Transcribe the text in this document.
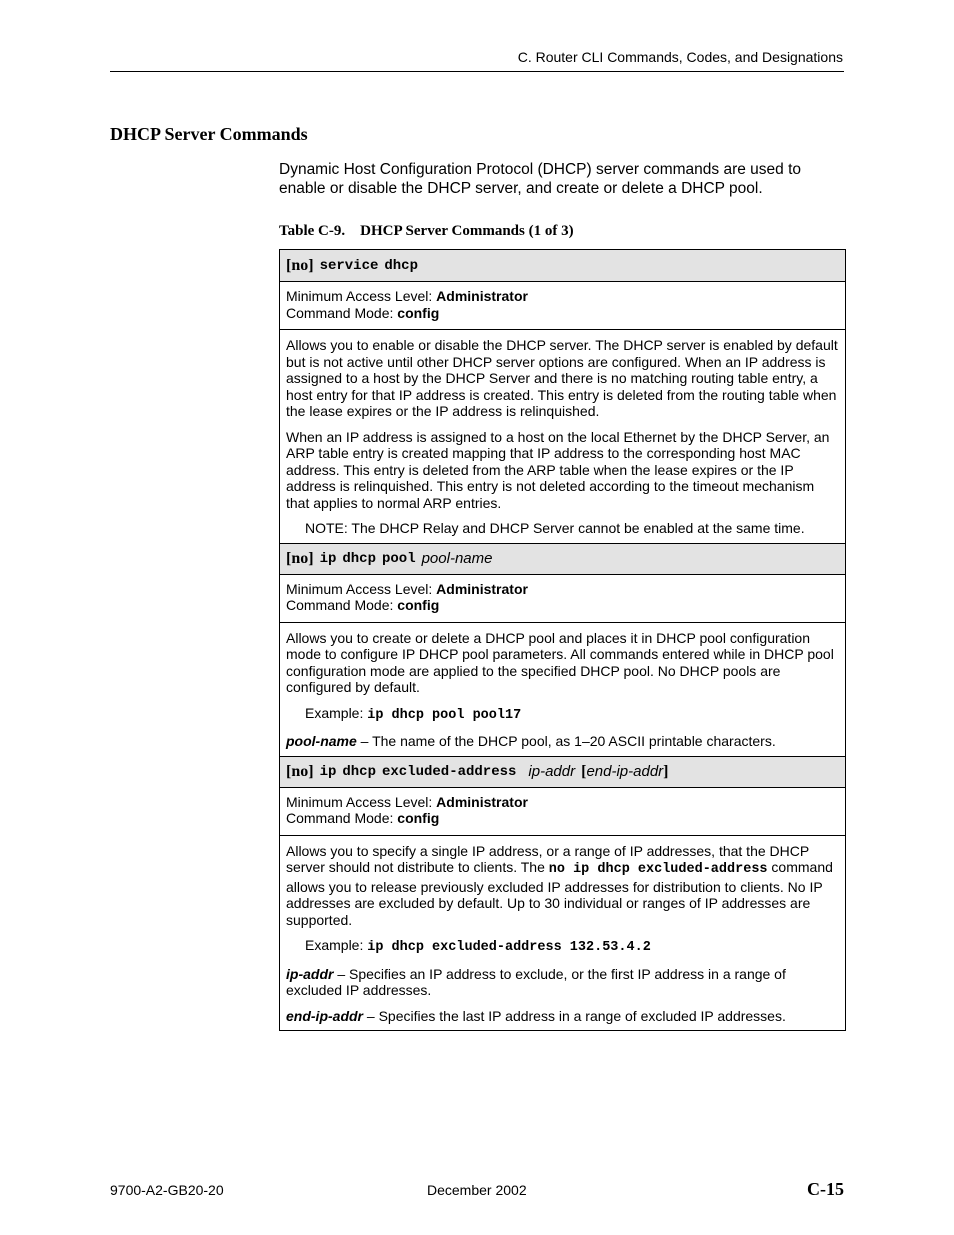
C. Router CLI Commands, Codes, and Designations
DHCP Server Commands
Dynamic Host Configuration Protocol (DHCP) server commands are used to enable or disable the DHCP server, and create or delete a DHCP pool.
Table C-9. DHCP Server Commands (1 of 3)
[no] service dhcp
Minimum Access Level: Administrator
Command Mode: config

Allows you to enable or disable the DHCP server. The DHCP server is enabled by default but is not active until other DHCP server options are configured. When an IP address is assigned to a host by the DHCP Server and there is no matching routing table entry, a host entry for that IP address is created. This entry is deleted from the routing table when the lease expires or the IP address is relinquished.

When an IP address is assigned to a host on the local Ethernet by the DHCP Server, an ARP table entry is created mapping that IP address to the corresponding host MAC address. This entry is deleted from the ARP table when the lease expires or the IP address is relinquished. This entry is not deleted according to the timeout mechanism that applies to normal ARP entries.

NOTE: The DHCP Relay and DHCP Server cannot be enabled at the same time.

[no] ip dhcp pool pool-name
Minimum Access Level: Administrator
Command Mode: config

Allows you to create or delete a DHCP pool and places it in DHCP pool configuration mode to configure IP DHCP pool parameters. All commands entered while in DHCP pool configuration mode are applied to the specified DHCP pool. No DHCP pools are configured by default.

Example: ip dhcp pool pool17

pool-name – The name of the DHCP pool, as 1–20 ASCII printable characters.

[no] ip dhcp excluded-address ip-addr [ end-ip-addr ]
Minimum Access Level: Administrator
Command Mode: config

Allows you to specify a single IP address, or a range of IP addresses, that the DHCP server should not distribute to clients. The no ip dhcp excluded-address command allows you to release previously excluded IP addresses for distribution to clients. No IP addresses are excluded by default. Up to 30 individual or ranges of IP addresses are supported.

Example: ip dhcp excluded-address 132.53.4.2

ip-addr – Specifies an IP address to exclude, or the first IP address in a range of excluded IP addresses.

end-ip-addr – Specifies the last IP address in a range of excluded IP addresses.

9700-A2-GB20-20	December 2002	C-15
